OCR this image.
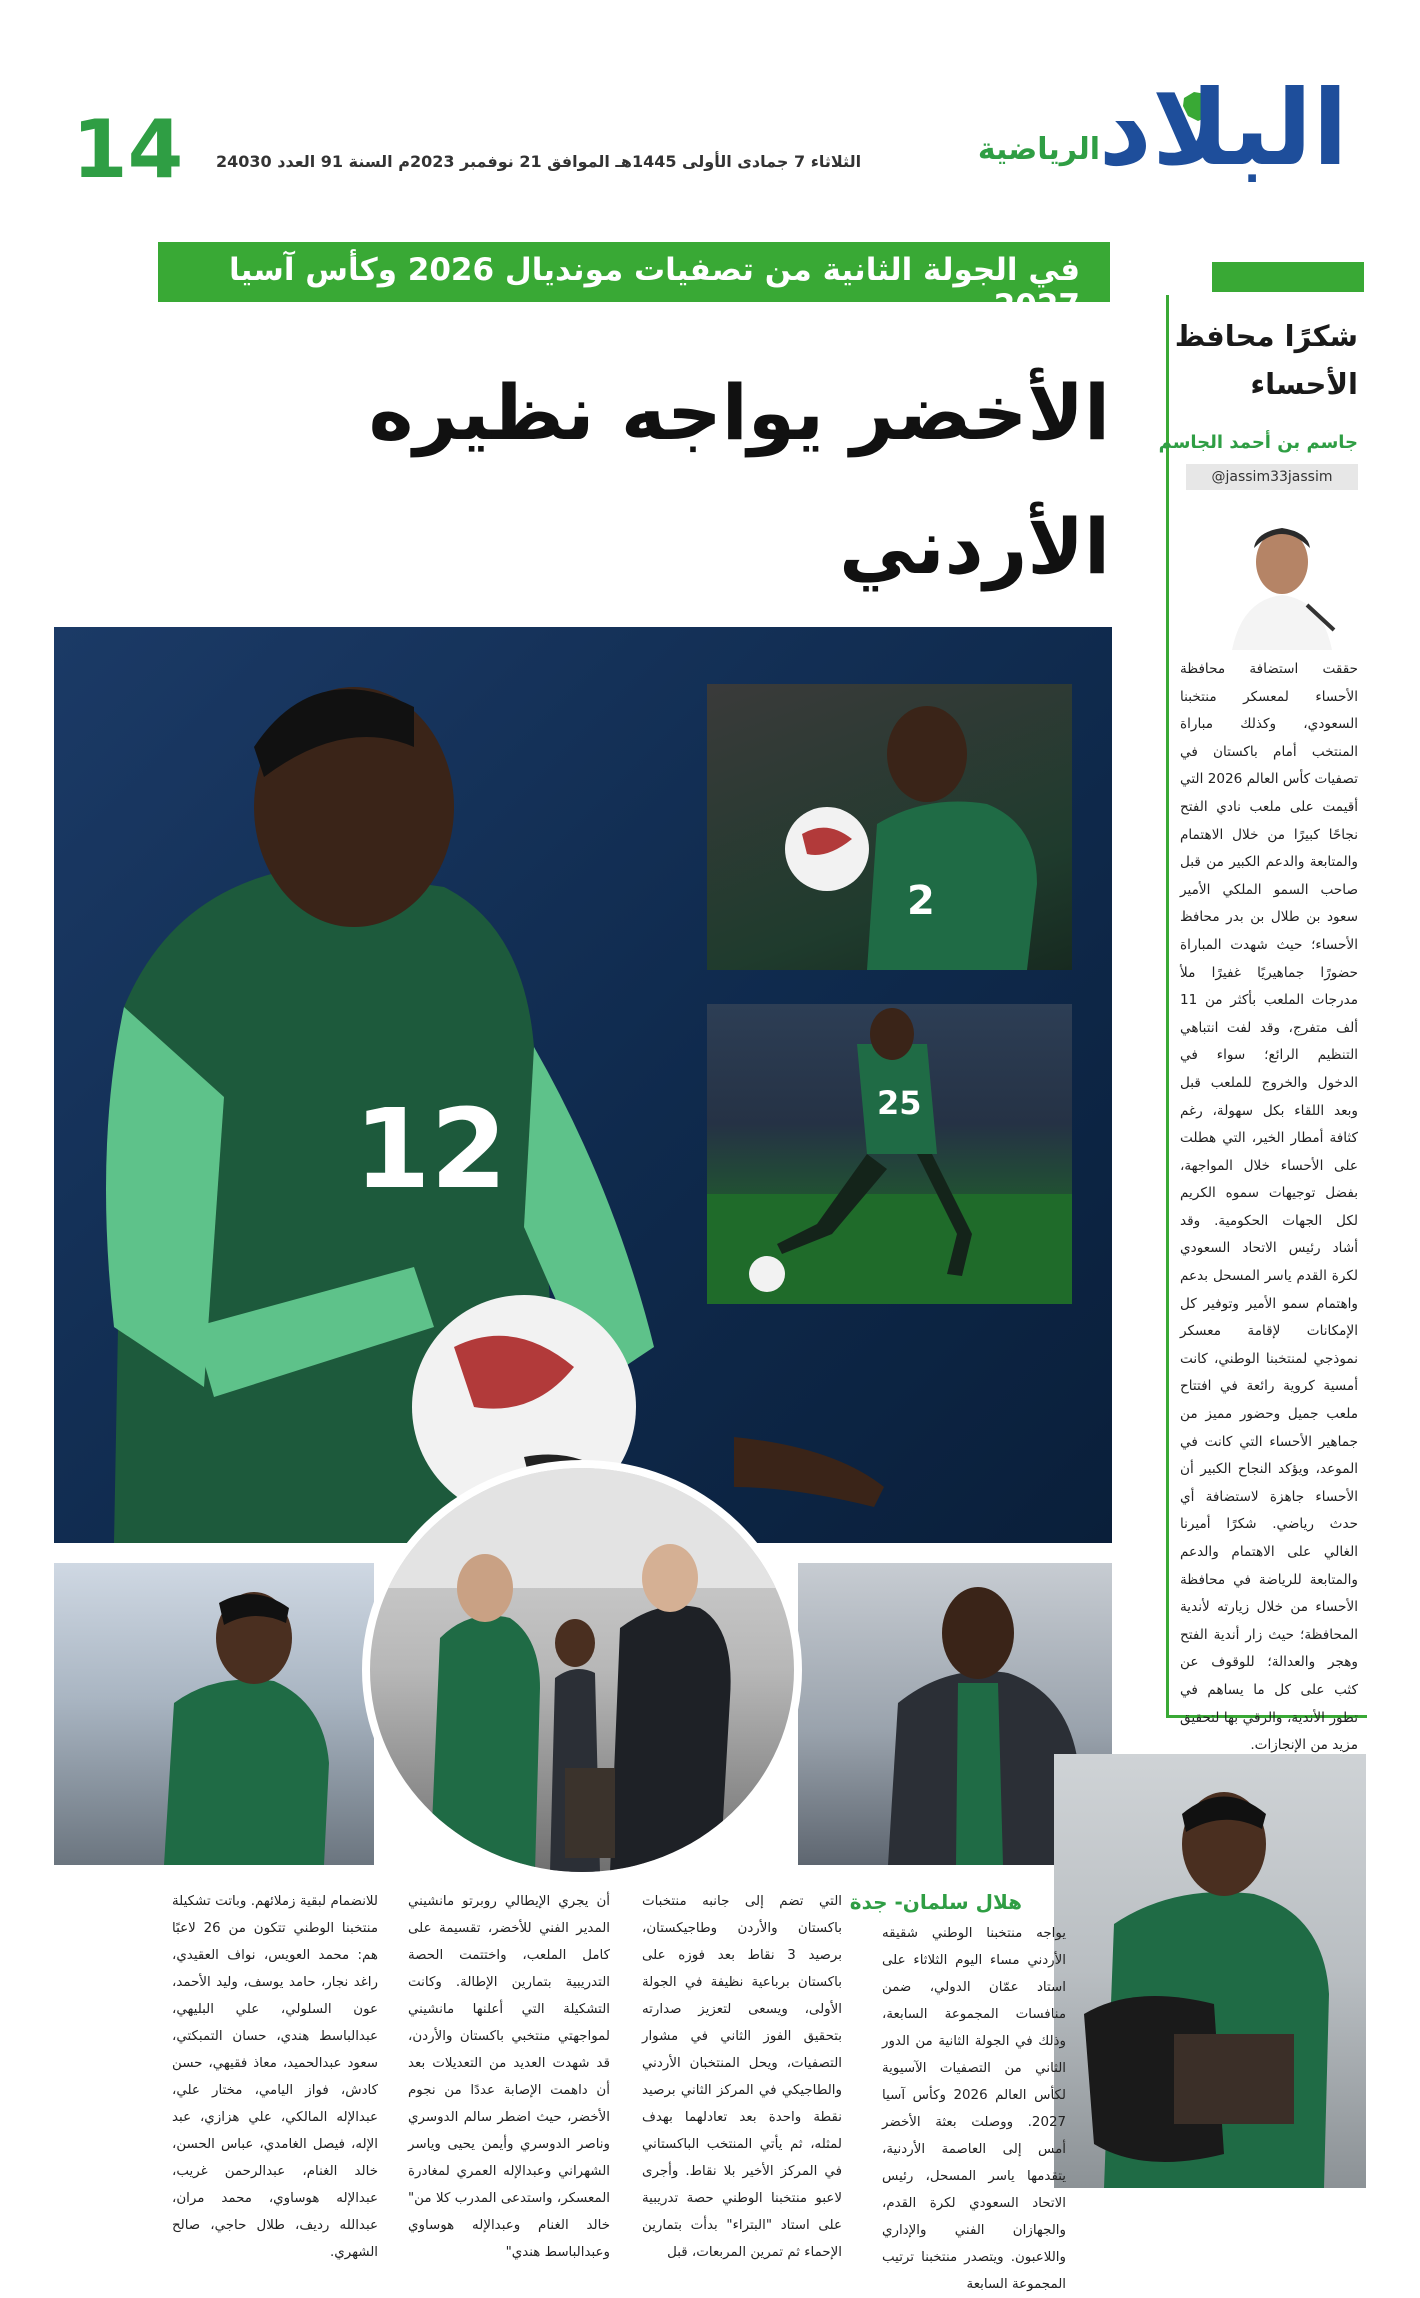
البلاد
الرياضية
الثلاثاء 7 جمادى الأولى 1445هـ الموافق 21 نوفمبر 2023م السنة 91 العدد 24030
14
في الجولة الثانية من تصفيات مونديال 2026 وكأس آسيا 2027..
الأخضر يواجه نظيره الأردني
12
2
25
شكرًا محافظ الأحساء
جاسم بن أحمد الجاسم
@jassim33jassim
حققت استضافة محافظة الأحساء لمعسكر منتخبنا السعودي، وكذلك مباراة المنتخب أمام باكستان في تصفيات كأس العالم 2026 التي أقيمت على ملعب نادي الفتح نجاحًا كبيرًا من خلال الاهتمام والمتابعة والدعم الكبير من قبل صاحب السمو الملكي الأمير سعود بن طلال بن بدر محافظ الأحساء؛ حيث شهدت المباراة حضورًا جماهيريًا غفيرًا ملأ مدرجات الملعب بأكثر من 11 ألف متفرج، وقد لفت انتباهي التنظيم الرائع؛ سواء في الدخول والخروج للملعب قبل وبعد اللقاء بكل سهولة، رغم كثافة أمطار الخير، التي هطلت على الأحساء خلال المواجهة، بفضل توجيهات سموه الكريم لكل الجهات الحكومية. وقد أشاد رئيس الاتحاد السعودي لكرة القدم ياسر المسحل بدعم واهتمام سمو الأمير وتوفير كل الإمكانات لإقامة معسكر نموذجي لمنتخبنا الوطني، كانت أمسية كروية رائعة في افتتاح ملعب جميل وحضور مميز من جماهير الأحساء التي كانت في الموعد، ويؤكد النجاح الكبير أن الأحساء جاهزة لاستضافة أي حدث رياضي. شكرًا أميرنا الغالي على الاهتمام والدعم والمتابعة للرياضة في محافظة الأحساء من خلال زيارته لأندية المحافظة؛ حيث زار أندية الفتح وهجر والعدالة؛ للوقوف عن كثب على كل ما يساهم في تطور الأندية، والرقي بها لتحقيق مزيد من الإنجازات.
هلال سلمان- جدة

يواجه منتخبنا الوطني شقيقه الأردني مساء اليوم الثلاثاء على استاد عمّان الدولي، ضمن منافسات المجموعة السابعة، وذلك في الجولة الثانية من الدور الثاني من التصفيات الآسيوية لكأس العالم 2026 وكأس آسيا 2027. ووصلت بعثة الأخضر أمس إلى العاصمة الأردنية، يتقدمها ياسر المسحل، رئيس الاتحاد السعودي لكرة القدم، والجهازان الفني والإداري واللاعبون. ويتصدر منتخبنا ترتيب المجموعة السابعة

التي تضم إلى جانبه منتخبات باكستان والأردن وطاجيكستان، برصيد 3 نقاط بعد فوزه على باكستان برباعية نظيفة في الجولة الأولى، ويسعى لتعزيز صدارته بتحقيق الفوز الثاني في مشوار التصفيات، ويحل المنتخبان الأردني والطاجيكي في المركز الثاني برصيد نقطة واحدة بعد تعادلهما بهدف لمثله، ثم يأتي المنتخب الباكستاني في المركز الأخير بلا نقاط. وأجرى لاعبو منتخبنا الوطني حصة تدريبية على استاد "البتراء" بدأت بتمارين الإحماء ثم تمرين المربعات، قبل

أن يجري الإيطالي روبرتو مانشيني المدير الفني للأخضر، تقسيمة على كامل الملعب، واختتمت الحصة التدريبية بتمارين الإطالة. وكانت التشكيلة التي أعلنها مانشيني لمواجهتي منتخبي باكستان والأردن، قد شهدت العديد من التعديلات بعد أن داهمت الإصابة عددًا من نجوم الأخضر، حيث اضطر سالم الدوسري وناصر الدوسري وأيمن يحيى وياسر الشهراني وعبدالإله العمري لمغادرة المعسكر، واستدعى المدرب كلا من" خالد الغنام وعبدالإله هوساوي وعبدالباسط هندي"

للانضمام لبقية زملائهم. وباتت تشكيلة منتخبنا الوطني تتكون من 26 لاعبًا هم: محمد العويس، نواف العقيدي، راغد نجار، حامد يوسف، وليد الأحمد، عون السلولي، علي البليهي، عبدالباسط هندي، حسان التمبكتي، سعود عبدالحميد، معاذ فقيهي، حسن كادش، فواز اليامي، مختار علي، عبدالإله المالكي، علي هزازي، عبد الإله، فيصل الغامدي، عباس الحسن، خالد الغنام، عبدالرحمن غريب، عبدالإله هوساوي، محمد مران، عبدالله رديف، طلال حاجي، صالح الشهري.
